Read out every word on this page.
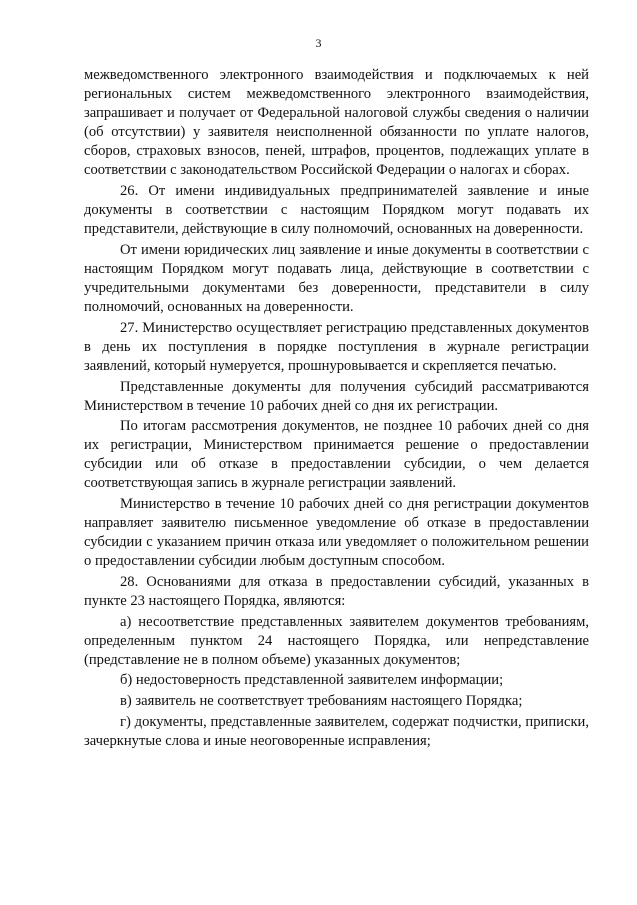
3

межведомственного электронного взаимодействия и подключаемых к ней региональных систем межведомственного электронного взаимодействия, запрашивает и получает от Федеральной налоговой службы сведения о наличии (об отсутствии) у заявителя неисполненной обязанности по уплате налогов, сборов, страховых взносов, пеней, штрафов, процентов, подлежащих уплате в соответствии с законодательством Российской Федерации о налогах и сборах.

26. От имени индивидуальных предпринимателей заявление и иные документы в соответствии с настоящим Порядком могут подавать их представители, действующие в силу полномочий, основанных на доверенности.

От имени юридических лиц заявление и иные документы в соответствии с настоящим Порядком могут подавать лица, действующие в соответствии с учредительными документами без доверенности, представители в силу полномочий, основанных на доверенности.

27. Министерство осуществляет регистрацию представленных документов в день их поступления в порядке поступления в журнале регистрации заявлений, который нумеруется, прошнуровывается и скрепляется печатью.

Представленные документы для получения субсидий рассматриваются Министерством в течение 10 рабочих дней со дня их регистрации.

По итогам рассмотрения документов, не позднее 10 рабочих дней со дня их регистрации, Министерством принимается решение о предоставлении субсидии или об отказе в предоставлении субсидии, о чем делается соответствующая запись в журнале регистрации заявлений.

Министерство в течение 10 рабочих дней со дня регистрации документов направляет заявителю письменное уведомление об отказе в предоставлении субсидии с указанием причин отказа или уведомляет о положительном решении о предоставлении субсидии любым доступным способом.

28. Основаниями для отказа в предоставлении субсидий, указанных в пункте 23 настоящего Порядка, являются:

а) несоответствие представленных заявителем документов требованиям, определенным пунктом 24 настоящего Порядка, или непредставление (представление не в полном объеме) указанных документов;

б) недостоверность представленной заявителем информации;

в) заявитель не соответствует требованиям настоящего Порядка;

г) документы, представленные заявителем, содержат подчистки, приписки, зачеркнутые слова и иные неоговоренные исправления;
